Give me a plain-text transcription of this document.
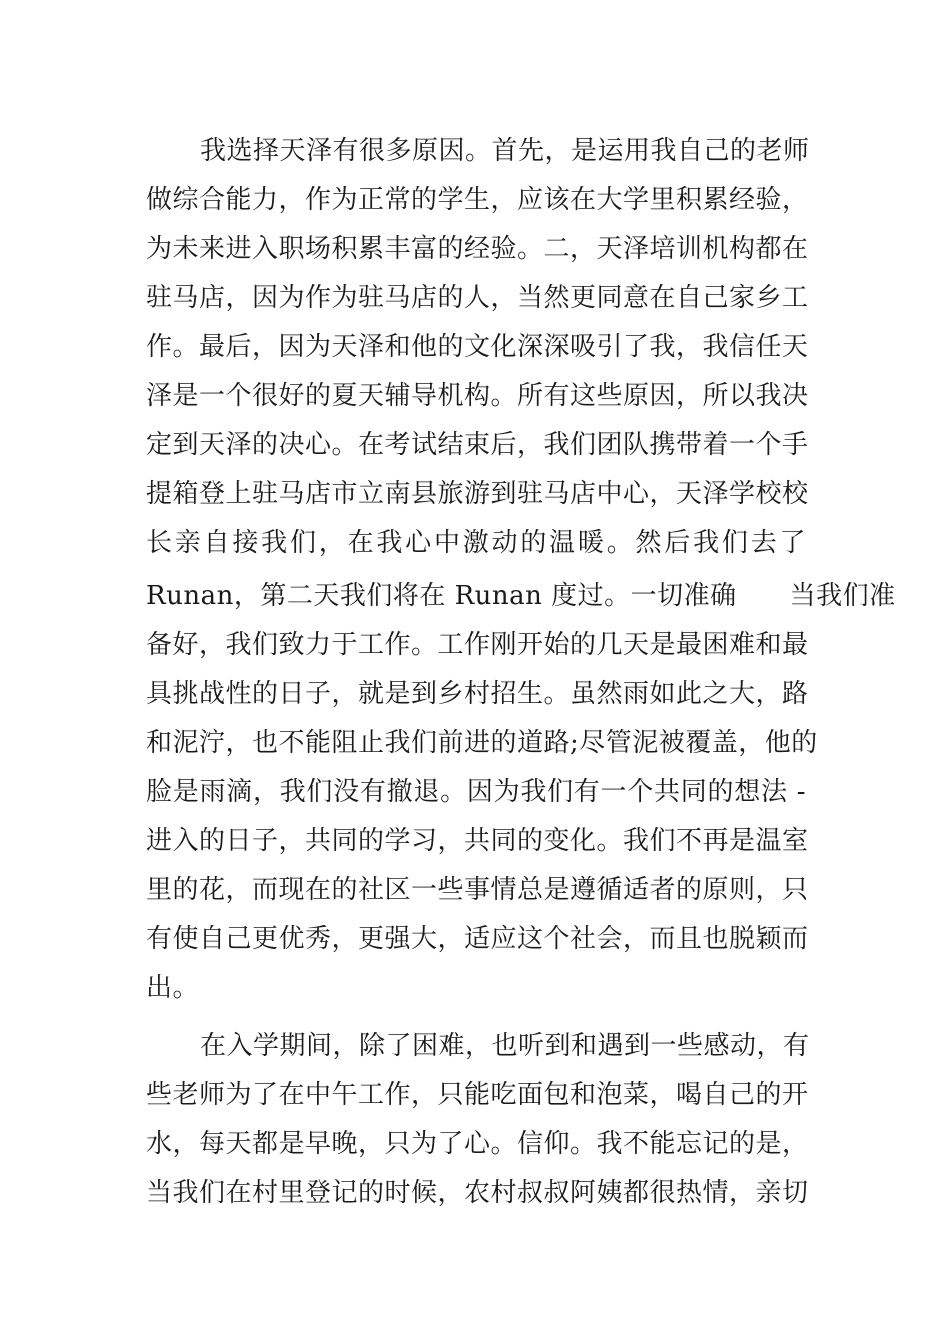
我选择天泽有很多原因。首先，是运用我自己的老师
做综合能力，作为正常的学生，应该在大学里积累经验，
为未来进入职场积累丰富的经验。二，天泽培训机构都在
驻马店，因为作为驻马店的人，当然更同意在自己家乡工
作。最后，因为天泽和他的文化深深吸引了我，我信任天
泽是一个很好的夏天辅导机构。所有这些原因，所以我决
定到天泽的决心。在考试结束后，我们团队携带着一个手
提箱登上驻马店市立南县旅游到驻马店中心，天泽学校校
长亲自接我们，在我心中激动的温暖。然后我们去了
Runan，第二天我们将在 Runan 度过。一切准确　　当我们准
备好，我们致力于工作。工作刚开始的几天是最困难和最
具挑战性的日子，就是到乡村招生。虽然雨如此之大，路
和泥泞，也不能阻止我们前进的道路;尽管泥被覆盖，他的
脸是雨滴，我们没有撤退。因为我们有一个共同的想法 -
进入的日子，共同的学习，共同的变化。我们不再是温室
里的花，而现在的社区一些事情总是遵循适者的原则，只
有使自己更优秀，更强大，适应这个社会，而且也脱颖而
出。
在入学期间，除了困难，也听到和遇到一些感动，有
些老师为了在中午工作，只能吃面包和泡菜，喝自己的开
水，每天都是早晚，只为了心。信仰。我不能忘记的是，
当我们在村里登记的时候，农村叔叔阿姨都很热情，亲切
